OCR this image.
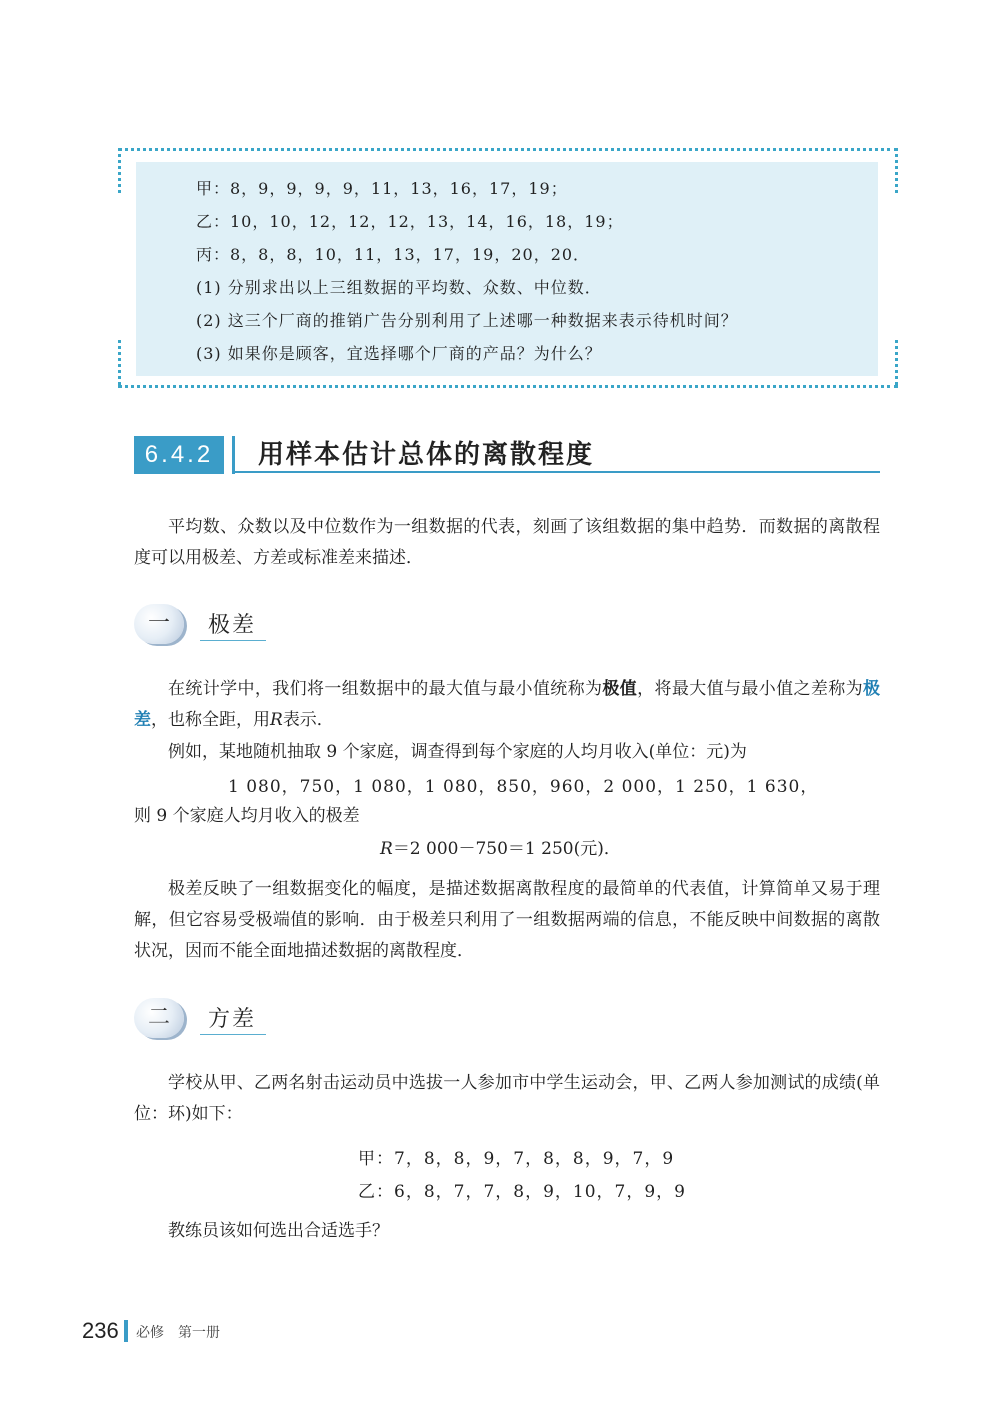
甲：8，9，9，9，9，11，13，16，17，19；
乙：10，10，12，12，12，13，14，16，18，19；
丙：8，8，8，10，11，13，17，19，20，20．
(1) 分别求出以上三组数据的平均数、众数、中位数．
(2) 这三个厂商的推销广告分别利用了上述哪一种数据来表示待机时间？
(3) 如果你是顾客，宜选择哪个厂商的产品？为什么？
6.4.2	用样本估计总体的离散程度
平均数、众数以及中位数作为一组数据的代表，刻画了该组数据的集中趋势．而数据的离散程度可以用极差、方差或标准差来描述．
一	极差
在统计学中，我们将一组数据中的最大值与最小值统称为极值，将最大值与最小值之差称为极差，也称全距，用R表示．
例如，某地随机抽取 9 个家庭，调查得到每个家庭的人均月收入(单位：元)为
1 080，750，1 080，1 080，850，960，2 000，1 250，1 630，
则 9 个家庭人均月收入的极差
R＝2 000－750＝1 250(元)．
极差反映了一组数据变化的幅度，是描述数据离散程度的最简单的代表值，计算简单又易于理解，但它容易受极端值的影响．由于极差只利用了一组数据两端的信息，不能反映中间数据的离散状况，因而不能全面地描述数据的离散程度．
二	方差
学校从甲、乙两名射击运动员中选拔一人参加市中学生运动会，甲、乙两人参加测试的成绩(单位：环)如下：
甲：7，8，8，9，7，8，8，9，7，9
乙：6，8，7，7，8，9，10，7，9，9
教练员该如何选出合适选手？
236 必修　第一册
